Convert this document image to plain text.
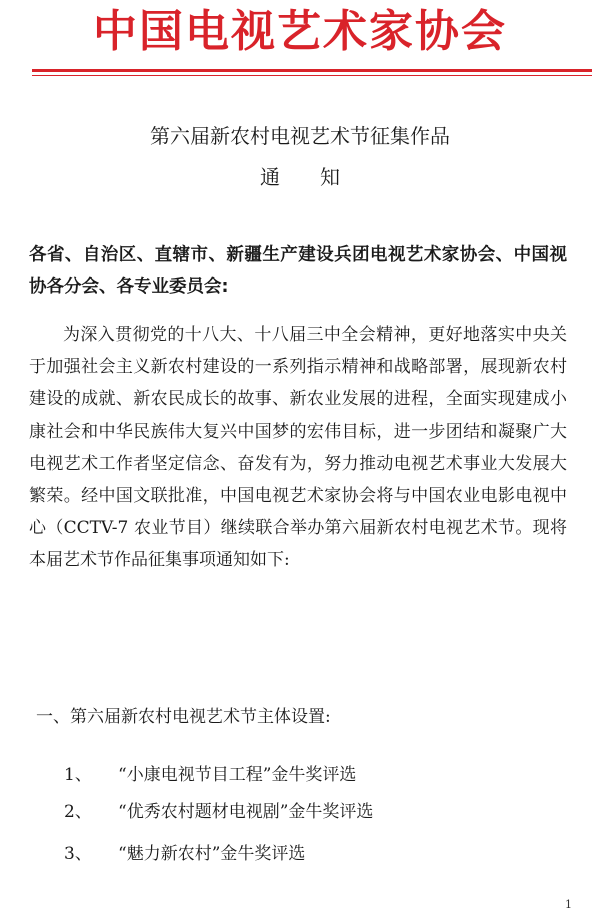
中国电视艺术家协会
第六届新农村电视艺术节征集作品
通知
各省、自治区、直辖市、新疆生产建设兵团电视艺术家协会、中国视协各分会、各专业委员会:
为深入贯彻党的十八大、十八届三中全会精神，更好地落实中央关于加强社会主义新农村建设的一系列指示精神和战略部署，展现新农村建设的成就、新农民成长的故事、新农业发展的进程，全面实现建成小康社会和中华民族伟大复兴中国梦的宏伟目标，进一步团结和凝聚广大电视艺术工作者坚定信念、奋发有为，努力推动电视艺术事业大发展大繁荣。经中国文联批准，中国电视艺术家协会将与中国农业电影电视中心（CCTV-7 农业节目）继续联合举办第六届新农村电视艺术节。现将本届艺术节作品征集事项通知如下:
一、第六届新农村电视艺术节主体设置:
1、 “小康电视节目工程”金牛奖评选
2、 “优秀农村题材电视剧”金牛奖评选
3、 “魅力新农村”金牛奖评选
1
